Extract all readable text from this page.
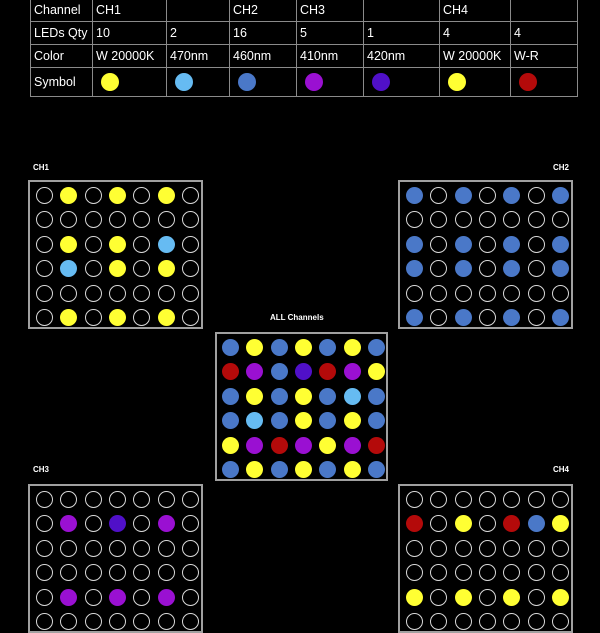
Channel	CH1		CH2	CH3		CH4	
LEDs Qty	10	2	16	5	1	4	4
Color	W 20000K	470nm	460nm	410nm	420nm	W 20000K	W-R
Symbol							
CH1	CH2
ALL Channels
CH3	CH4
